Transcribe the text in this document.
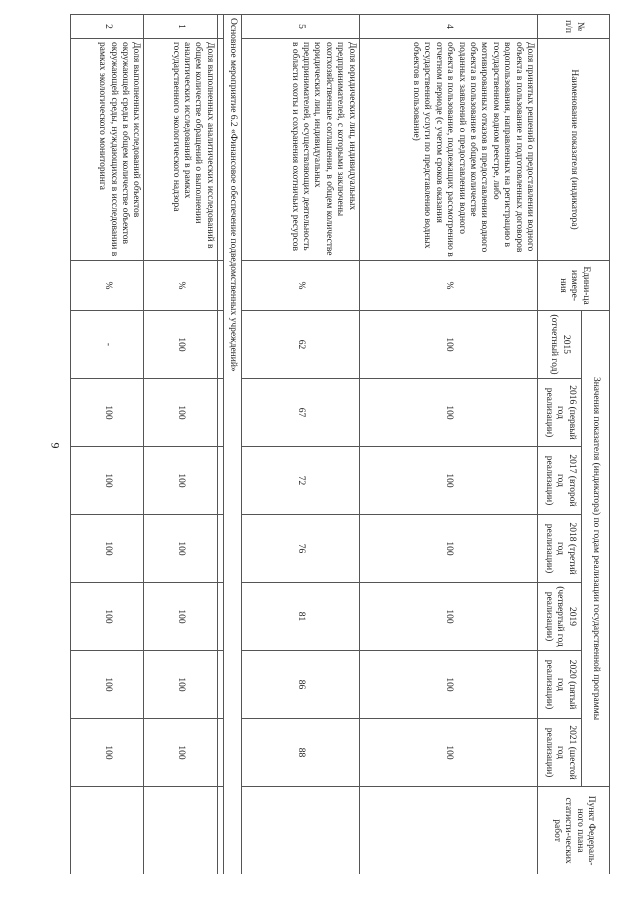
9
№ п/п	Наименование показателя (индикатора)	Едини-ца измере-ния	Значения показателя (индикатора) по годам реализации государственной программы							Пункт Федераль-ного плана статисти-ческих работ
			2015 (отчетный год)	2016 (первый год реализации)	2017 (второй год реализации)	2018 (третий год реализации)	2019 (четвертый год реализации)	2020 (пятый год реализации)	2021 (шестой год реализации)	
4	Доля принятых решений о предоставлении водного объекта в пользование и подготовленных договоров водопользования, направленных на регистрацию в государственном водном реестре, либо мотивированных отказов в предоставлении водного объекта в пользование в общем количестве поданных заявлений о предоставлении водного объекта в пользование, подлежащих рассмотрению в отчетном периоде (с учетом сроков оказания государственной услуги по представлению водных объектов в пользование)	%	100	100	100	100	100	100	100	
5	Доля юридических лиц, индивидуальных предпринимателей, с которыми заключены охотхозяйственные соглашения, в общем количестве юридических лиц, индивидуальных предпринимателей, осуществляющих деятельность в области охоты и сохранения охотничьих ресурсов	%	62	67	72	76	81	86	88	
Основное мероприятие 6.2 «Финансовое обеспечение подведомственных учреждений»										

1	Доля выполненных аналитических исследований в общем количестве обращений о выполнении аналитических исследований в рамках государственного экологического надзора	%	100	100	100	100	100	100	100	
2	Доля выполненных исследований объектов окружающей среды в общем количестве объектов окружающей среды, нуждающихся в исследовании в рамках экологического мониторинга	%	-	100	100	100	100	100	100	
